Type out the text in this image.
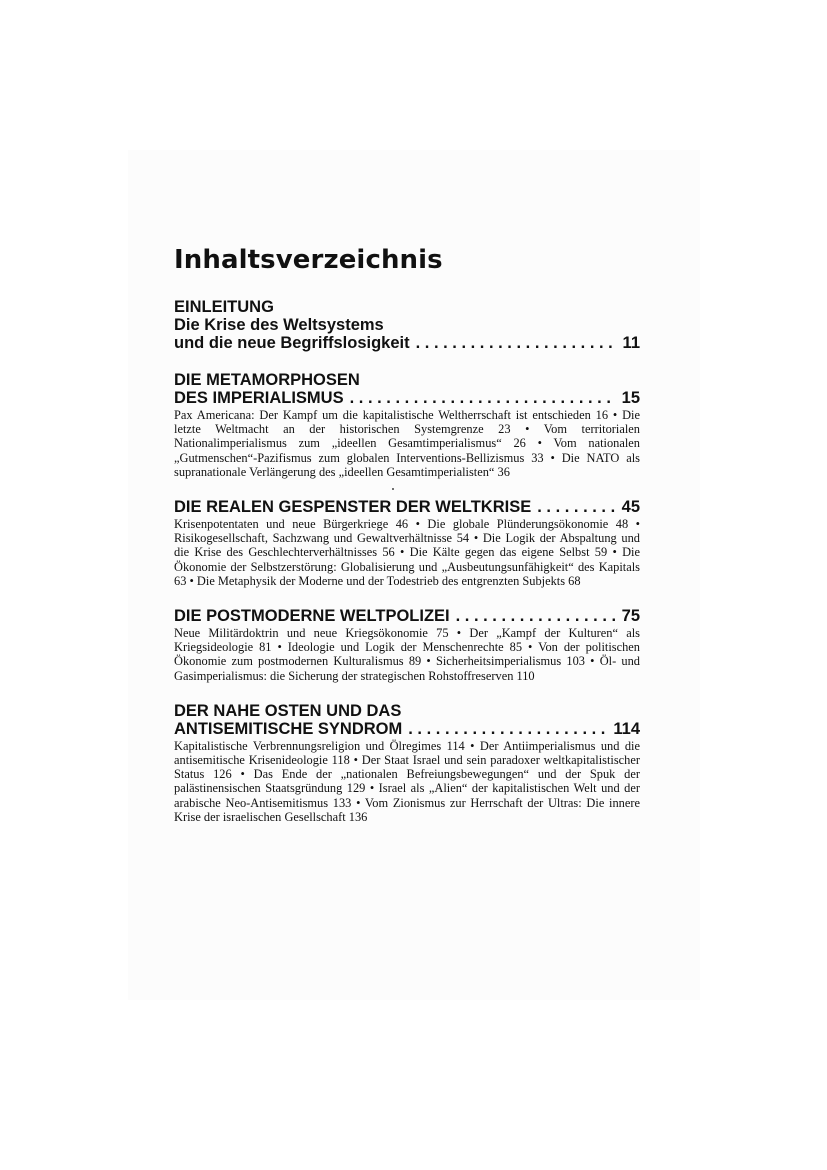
Inhaltsverzeichnis
EINLEITUNG
Die Krise des Weltsystems
und die neue Begriffslosigkeit . . .	11
DIE METAMORPHOSEN
DES IMPERIALISMUS . . .	15
Pax Americana: Der Kampf um die kapitalistische Weltherrschaft ist entschieden 16 • Die letzte Weltmacht an der historischen Systemgrenze 23 • Vom territorialen Nationalimperialismus zum „ideellen Gesamtimperialismus“ 26 • Vom nationalen „Gutmenschen“-Pazifismus zum globalen Interventions-Bellizismus 33 • Die NATO als supranationale Verlängerung des „ideellen Gesamtimperialisten“ 36
DIE REALEN GESPENSTER DER WELTKRISE . . .	45
Krisenpotentaten und neue Bürgerkriege 46 • Die globale Plünderungsökonomie 48 • Risikogesellschaft, Sachzwang und Gewaltverhältnisse 54 • Die Logik der Abspaltung und die Krise des Geschlechterverhältnisses 56 • Die Kälte gegen das eigene Selbst 59 • Die Ökonomie der Selbstzerstörung: Globalisierung und „Ausbeutungsunfähigkeit“ des Kapitals 63 • Die Metaphysik der Moderne und der Todestrieb des entgrenzten Subjekts 68
DIE POSTMODERNE WELTPOLIZEI . . .	75
Neue Militärdoktrin und neue Kriegsökonomie 75 • Der „Kampf der Kulturen“ als Kriegsideologie 81 • Ideologie und Logik der Menschenrechte 85 • Von der politischen Ökonomie zum postmodernen Kulturalismus 89 • Sicherheitsimperialismus 103 • Öl- und Gasimperialismus: die Sicherung der strategischen Rohstoffreserven 110
DER NAHE OSTEN UND DAS
ANTISEMITISCHE SYNDROM . . .	114
Kapitalistische Verbrennungsreligion und Ölregimes 114 • Der Antiimperialismus und die antisemitische Krisenideologie 118 • Der Staat Israel und sein paradoxer weltkapitalistischer Status 126 • Das Ende der „nationalen Befreiungsbewegungen“ und der Spuk der palästinensischen Staatsgründung 129 • Israel als „Alien“ der kapitalistischen Welt und der arabische Neo-Antisemitismus 133 • Vom Zionismus zur Herrschaft der Ultras: Die innere Krise der israelischen Gesellschaft 136
